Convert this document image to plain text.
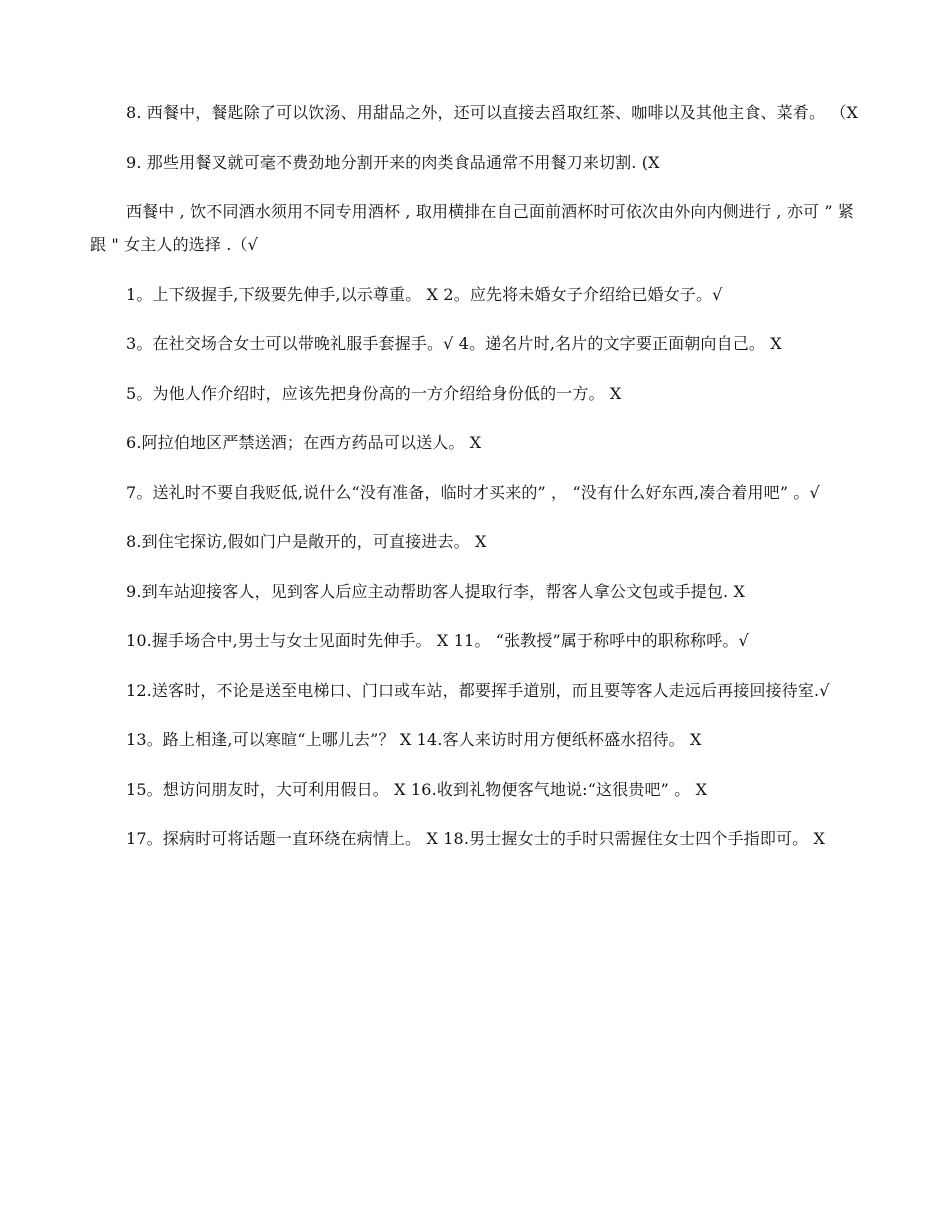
8. 西餐中，餐匙除了可以饮汤、用甜品之外，还可以直接去舀取红茶、咖啡以及其他主食、菜肴。 （X

9. 那些用餐叉就可毫不费劲地分割开来的肉类食品通常不用餐刀来切割. (X

西餐中 , 饮不同酒水须用不同专用酒杯 , 取用横排在自己面前酒杯时可依次由外向内侧进行 , 亦可 ” 紧跟 " 女主人的选择 .（√

1。上下级握手,下级要先伸手,以示尊重。 X 2。应先将未婚女子介绍给已婚女子。√

3。在社交场合女士可以带晚礼服手套握手。√ 4。递名片时,名片的文字要正面朝向自己。 X

5。为他人作介绍时，应该先把身份高的一方介绍给身份低的一方。 X

6.阿拉伯地区严禁送酒；在西方药品可以送人。 X

7。送礼时不要自我贬低,说什么“没有准备，临时才买来的” ， “没有什么好东西,凑合着用吧” 。√

8.到住宅探访,假如门户是敞开的，可直接进去。 X

9.到车站迎接客人，见到客人后应主动帮助客人提取行李，帮客人拿公文包或手提包. X

10.握手场合中,男士与女士见面时先伸手。 X 11。 “张教授”属于称呼中的职称称呼。√

12.送客时，不论是送至电梯口、门口或车站，都要挥手道别，而且要等客人走远后再接回接待室.√

13。路上相逢,可以寒暄“上哪儿去”？ X 14.客人来访时用方便纸杯盛水招待。 X

15。想访问朋友时，大可利用假日。 X 16.收到礼物便客气地说:“这很贵吧” 。 X

17。探病时可将话题一直环绕在病情上。 X 18.男士握女士的手时只需握住女士四个手指即可。 X
